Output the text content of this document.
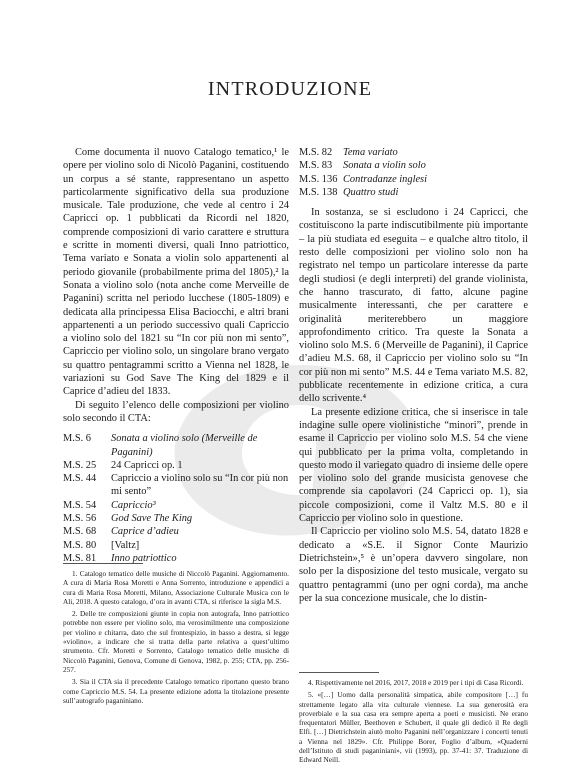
INTRODUZIONE

Come documenta il nuovo Catalogo tematico,¹ le opere per violino solo di Nicolò Paganini, costituendo un corpus a sé stante, rappresentano un aspetto particolarmente significativo della sua produzione musicale. Tale produzione, che vede al centro i 24 Capricci op. 1 pubblicati da Ricordi nel 1820, comprende composizioni di vario carattere e struttura e scritte in momenti diversi, quali Inno patriottico, Tema variato e Sonata a violin solo appartenenti al periodo giovanile (probabilmente prima del 1805),² la Sonata a violino solo (nota anche come Merveille de Paganini) scritta nel periodo lucchese (1805-1809) e dedicata alla principessa Elisa Baciocchi, e altri brani appartenenti a un periodo successivo quali Capriccio a violino solo del 1821 su “In cor più non mi sento”, Capriccio per violino solo, un singolare brano vergato su quattro pentagrammi scritto a Vienna nel 1828, le variazioni su God Save The King del 1829 e il Caprice d’adieu del 1833.

Di seguito l’elenco delle composizioni per violino solo secondo il CTA:

M.S. 6	Sonata a violino solo (Merveille de Paganini)
M.S. 25	24 Capricci op. 1
M.S. 44	Capriccio a violino solo su “In cor più non mi sento”
M.S. 54	Capriccio³
M.S. 56	God Save The King
M.S. 68	Caprice d’adieu
M.S. 80	[Valtz]
M.S. 81	Inno patriottico
M.S. 82	Tema variato
M.S. 83	Sonata a violin solo
M.S. 136	Contradanze inglesi
M.S. 138	Quattro studi

In sostanza, se si escludono i 24 Capricci, che costituiscono la parte indiscutibilmente più importante – la più studiata ed eseguita – e qualche altro titolo, il resto delle composizioni per violino solo non ha registrato nel tempo un particolare interesse da parte degli studiosi (e degli interpreti) del grande violinista, che hanno trascurato, di fatto, alcune pagine musicalmente interessanti, che per carattere e originalità meriterebbero un maggiore approfondimento critico. Tra queste la Sonata a violino solo M.S. 6 (Merveille de Paganini), il Caprice d’adieu M.S. 68, il Capriccio per violino solo su “In cor più non mi sento” M.S. 44 e Tema variato M.S. 82, pubblicate recentemente in edizione critica, a cura dello scrivente.⁴

La presente edizione critica, che si inserisce in tale indagine sulle opere violinistiche “minori”, prende in esame il Capriccio per violino solo M.S. 54 che viene qui pubblicato per la prima volta, completando in questo modo il variegato quadro di insieme delle opere per violino solo del grande musicista genovese che comprende sia capolavori (24 Capricci op. 1), sia piccole composizioni, come il Valtz M.S. 80 e il Capriccio per violino solo in questione.

Il Capriccio per violino solo M.S. 54, datato 1828 e dedicato a «S.E. il Signor Conte Maurizio Dietrichstein»,⁵ è un’opera davvero singolare, non solo per la disposizione del testo musicale, vergato su quattro pentagrammi (uno per ogni corda), ma anche per la sua concezione musicale, che lo distin-

1. Catalogo tematico delle musiche di Niccolò Paganini. Aggiornamento. A cura di Maria Rosa Moretti e Anna Sorrento, introduzione e appendici a cura di Maria Rosa Moretti, Milano, Associazione Culturale Musica con le Ali, 2018. A questo catalogo, d’ora in avanti CTA, si riferisce la sigla M.S.

2. Delle tre composizioni giunte in copia non autografa, Inno patriottico potrebbe non essere per violino solo, ma verosimilmente una composizione per violino e chitarra, dato che sul frontespizio, in basso a destra, si legge «violino», a indicare che si tratta della parte relativa a quest’ultimo strumento. Cfr. Moretti e Sorrento, Catalogo tematico delle musiche di Niccolò Paganini, Genova, Comune di Genova, 1982, p. 255; CTA, pp. 256-257.

3. Sia il CTA sia il precedente Catalogo tematico riportano questo brano come Capriccio M.S. 54. La presente edizione adotta la titolazione presente sull’autografo paganiniano.

4. Rispettivamente nel 2016, 2017, 2018 e 2019 per i tipi di Casa Ricordi.

5. «[…] Uomo dalla personalità simpatica, abile compositore […] fu strettamente legato alla vita culturale viennese. La sua generosità era proverbiale e la sua casa era sempre aperta a poeti e musicisti. Ne erano frequentatori Müller, Beethoven e Schubert, il quale gli dedicò il Re degli Elfi. […] Dietrichstein aiutò molto Paganini nell’organizzare i concerti tenuti a Vienna nel 1829». Cfr. Philippe Borer, Foglio d’album, «Quaderni dell’Istituto di studi paganiniani», vii (1993), pp. 37-41: 37. Traduzione di Edward Neill.
